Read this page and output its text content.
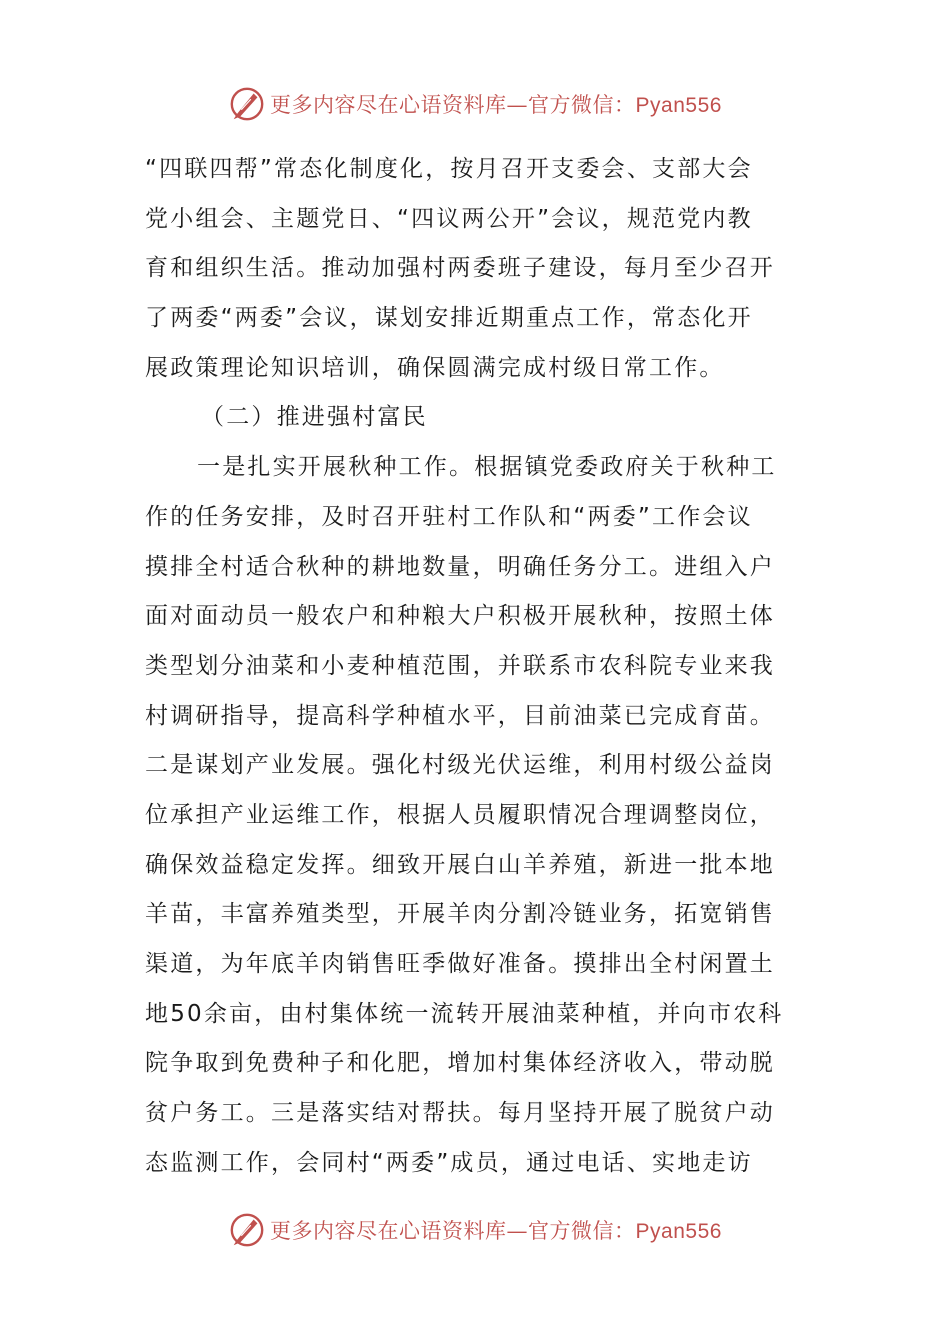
更多内容尽在心语资料库—官方微信：Pyan556
“四联四帮”常态化制度化，按月召开支委会、支部大会
党小组会、主题党日、“四议两公开”会议，规范党内教
育和组织生活。推动加强村两委班子建设，每月至少召开
了两委“两委”会议，谋划安排近期重点工作，常态化开
展政策理论知识培训，确保圆满完成村级日常工作。
（二）推进强村富民
一是扎实开展秋种工作。根据镇党委政府关于秋种工
作的任务安排，及时召开驻村工作队和“两委”工作会议
摸排全村适合秋种的耕地数量，明确任务分工。进组入户
面对面动员一般农户和种粮大户积极开展秋种，按照土体
类型划分油菜和小麦种植范围，并联系市农科院专业来我
村调研指导，提高科学种植水平，目前油菜已完成育苗。
二是谋划产业发展。强化村级光伏运维，利用村级公益岗
位承担产业运维工作，根据人员履职情况合理调整岗位，
确保效益稳定发挥。细致开展白山羊养殖，新进一批本地
羊苗，丰富养殖类型，开展羊肉分割冷链业务，拓宽销售
渠道，为年底羊肉销售旺季做好准备。摸排出全村闲置土
地50余亩，由村集体统一流转开展油菜种植，并向市农科
院争取到免费种子和化肥，增加村集体经济收入，带动脱
贫户务工。三是落实结对帮扶。每月坚持开展了脱贫户动
态监测工作，会同村“两委”成员，通过电话、实地走访
更多内容尽在心语资料库—官方微信：Pyan556
